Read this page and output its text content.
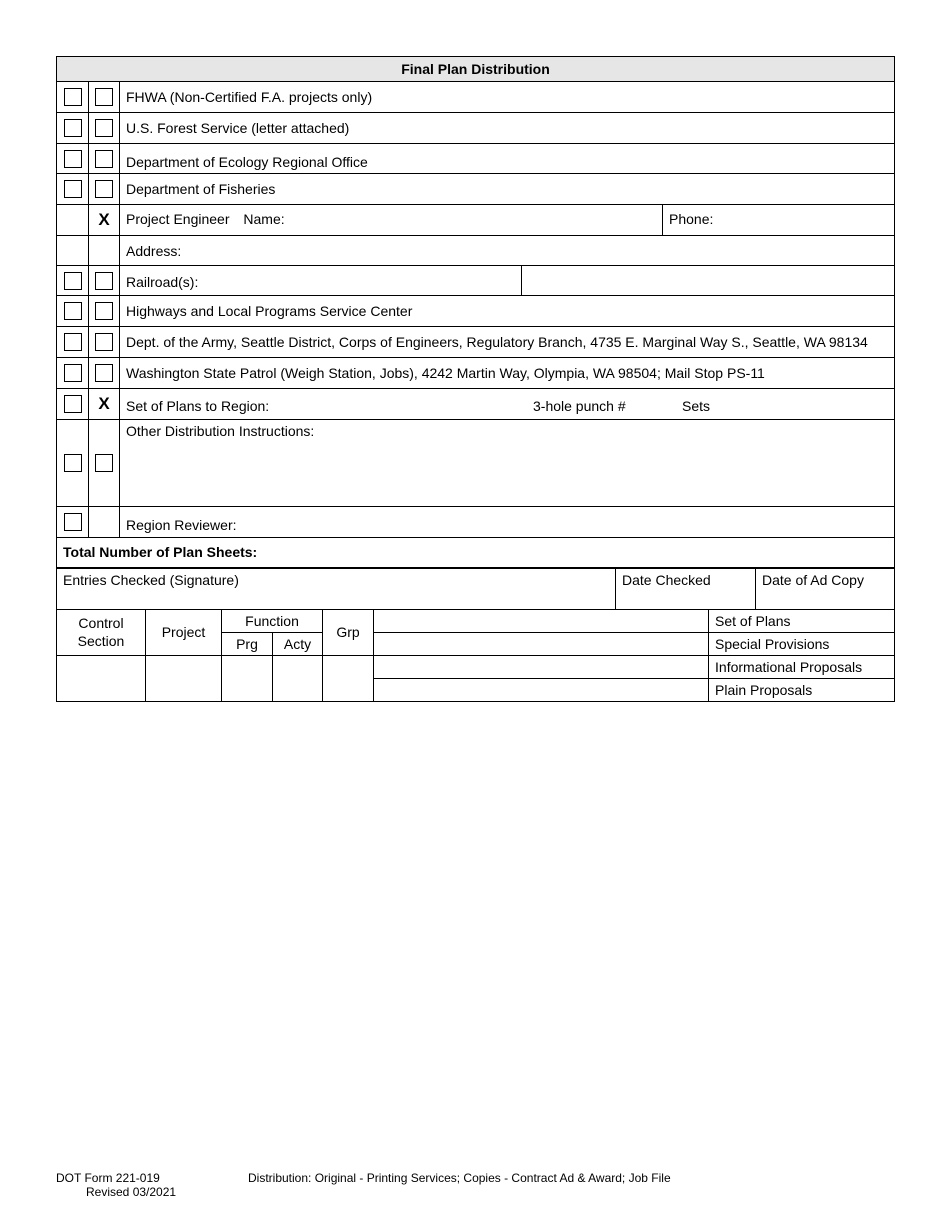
Final Plan Distribution		
		FHWA (Non-Certified F.A. projects only)
		U.S. Forest Service (letter attached)
		Department of Ecology Regional Office
		Department of Fisheries
	X	Project Engineer Name: Phone:

		Address:

		Railroad(s):

		Highways and Local Programs Service Center
		Dept. of the Army, Seattle District, Corps of Engineers, Regulatory Branch, 4735 E. Marginal Way S., Seattle, WA 98134
		Washington State Patrol (Weigh Station, Jobs), 4242 Martin Way, Olympia, WA 98504; Mail Stop PS-11
	X	Set of Plans to Region: 3-hole punch # Sets

		Other Distribution Instructions:
		Region Reviewer:
Total Number of Plan Sheets:
Entries Checked (Signature)	Date Checked	Date of Ad Copy
Control
Section	Project	Function		Grp		Set of Plans
		Prg	Acty			Special Provisions
						Informational Proposals
						Plain Proposals
DOT Form 221-019
Revised 03/2021
Distribution: Original - Printing Services; Copies - Contract Ad & Award; Job File
